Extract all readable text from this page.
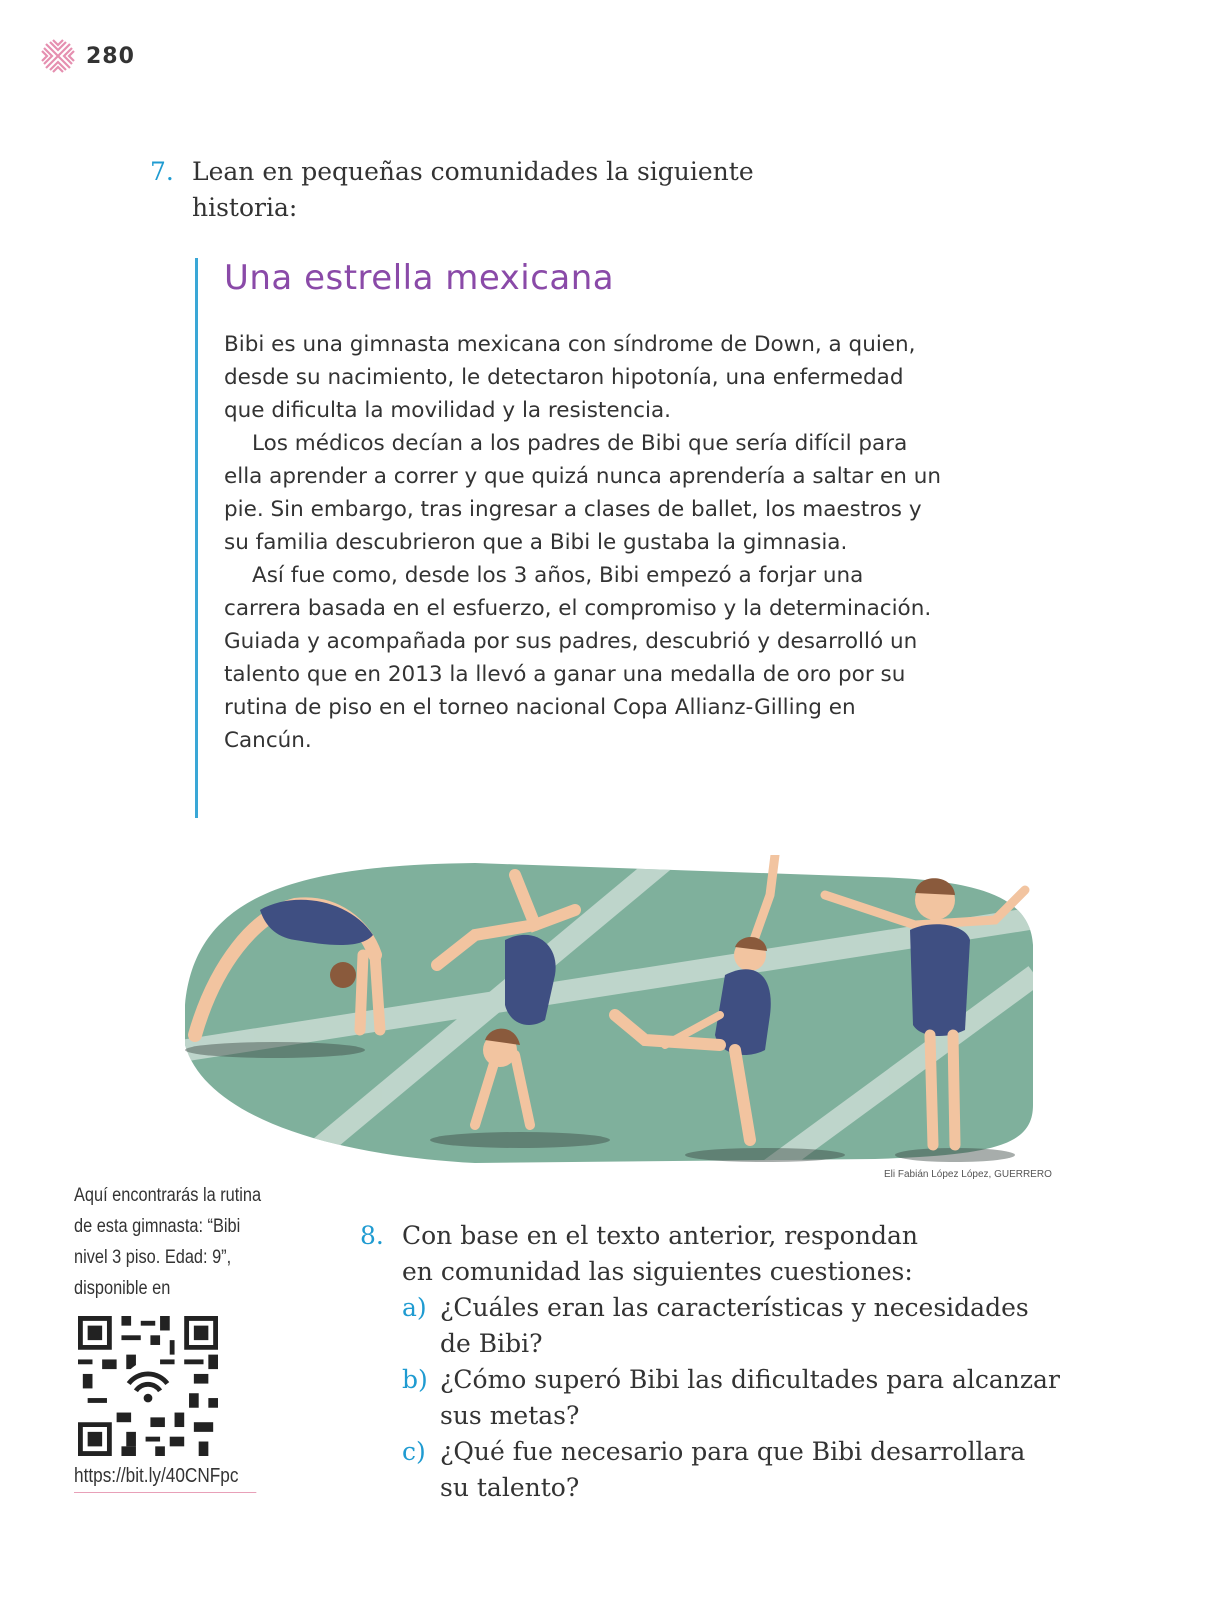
280
7. Lean en pequeñas comunidades la siguiente
historia:
Una estrella mexicana

Bibi es una gimnasta mexicana con síndrome de Down, a quien, desde su nacimiento, le detectaron hipotonía, una enfermedad que dificulta la movilidad y la resistencia.
Los médicos decían a los padres de Bibi que sería difícil para ella aprender a correr y que quizá nunca aprendería a saltar en un pie. Sin embargo, tras ingresar a clases de ballet, los maestros y su familia descubrieron que a Bibi le gustaba la gimnasia.
Así fue como, desde los 3 años, Bibi empezó a forjar una carrera basada en el esfuerzo, el compromiso y la determinación. Guiada y acompañada por sus padres, descubrió y desarrolló un talento que en 2013 la llevó a ganar una medalla de oro por su rutina de piso en el torneo nacional Copa Allianz-Gilling en Cancún.

Eli Fabián López López, GUERRERO
Aquí encontrarás la rutina de esta gimnasta: “Bibi nivel 3 piso. Edad: 9”, disponible en
https://bit.ly/40CNFpc
8. Con base en el texto anterior, respondan
en comunidad las siguientes cuestiones:
a) ¿Cuáles eran las características y necesidades de Bibi?
b) ¿Cómo superó Bibi las dificultades para alcanzar sus metas?
c) ¿Qué fue necesario para que Bibi desarrollara su talento?
